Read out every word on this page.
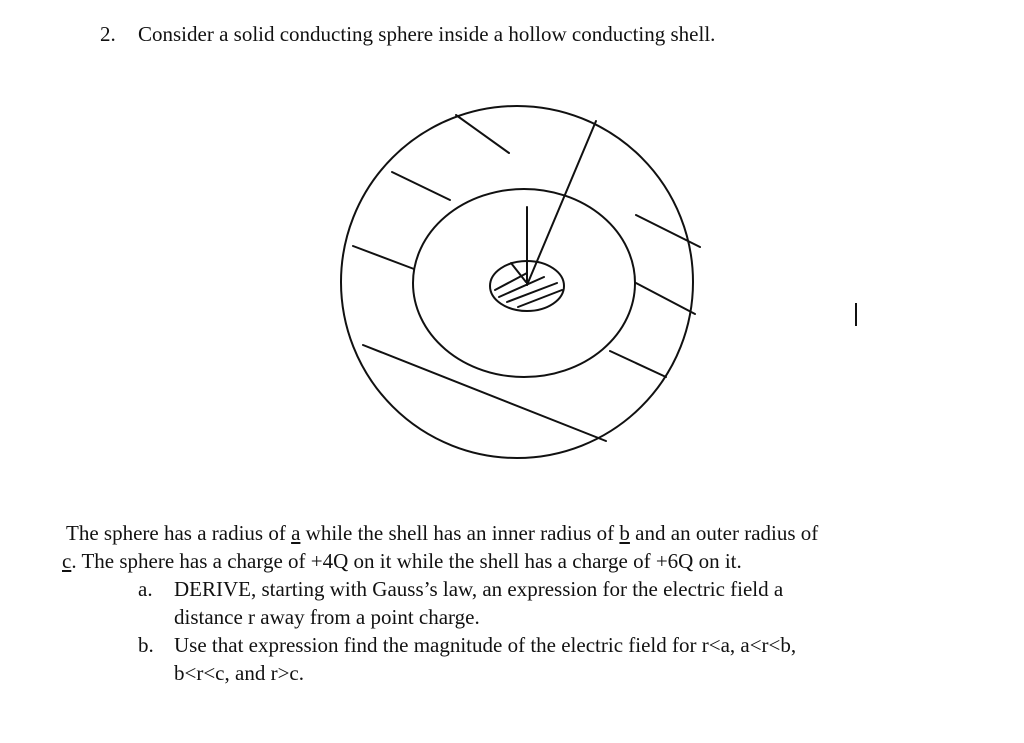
2. Consider a solid conducting sphere inside a hollow conducting shell.

The sphere has a radius of a while the shell has an inner radius of b and an outer radius of

c. The sphere has a charge of +4Q on it while the shell has a charge of +6Q on it.

a. DERIVE, starting with Gauss’s law, an expression for the electric field a
distance r away from a point charge.
b. Use that expression find the magnitude of the electric field for r<a, a<r<b,
b<r<c, and r>c.
